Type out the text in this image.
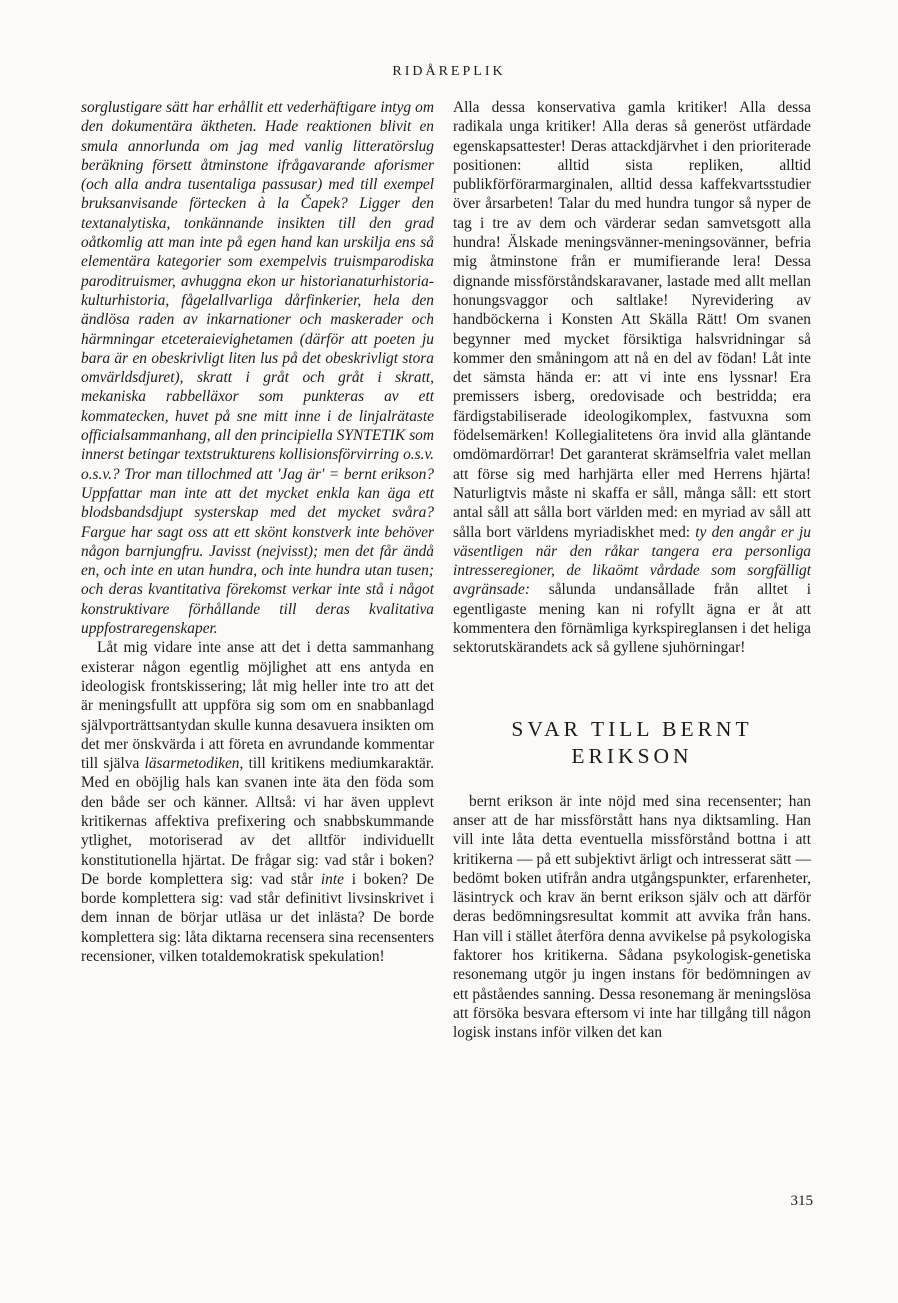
RIDÅREPLIK

sorglustigare sätt har erhållit ett vederhäftigare intyg om den dokumentära äktheten. Hade reaktionen blivit en smula annorlunda om jag med vanlig litteratörslug beräkning försett åtminstone ifrågavarande aforismer (och alla andra tusentaliga passusar) med till exempel bruksanvisande förtecken à la Čapek? Ligger den textanalytiska, tonkännande insikten till den grad oåtkomlig att man inte på egen hand kan urskilja ens så elementära kategorier som exempelvis truismparodiska paroditruismer, avhuggna ekon ur historianaturhistoria-kulturhistoria, fågelallvarliga dårfinkerier, hela den ändlösa raden av inkarnationer och maskerader och härmningar etceteraievighetamen (därför att poeten ju bara är en obeskrivligt liten lus på det obeskrivligt stora omvärldsdjuret), skratt i gråt och gråt i skratt, mekaniska rabbelläxor som punkteras av ett kommatecken, huvet på sne mitt inne i de linjalrätaste officialsammanhang, all den principiella SYNTETIK som innerst betingar textstrukturens kollisionsförvirring o.s.v. o.s.v.? Tror man tillochmed att 'Jag är' = bernt erikson? Uppfattar man inte att det mycket enkla kan äga ett blodsbandsdjupt systerskap med det mycket svåra? Fargue har sagt oss att ett skönt konstverk inte behöver någon barnjungfru. Javisst (nejvisst); men det får ändå en, och inte en utan hundra, och inte hundra utan tusen; och deras kvantitativa förekomst verkar inte stå i något konstruktivare förhållande till deras kvalitativa uppfostraregenskaper.

Låt mig vidare inte anse att det i detta sammanhang existerar någon egentlig möjlighet att ens antyda en ideologisk frontskissering; låt mig heller inte tro att det är meningsfullt att uppföra sig som om en snabbanlagd självporträttsantydan skulle kunna desavuera insikten om det mer önskvärda i att företa en avrundande kommentar till själva läsarmetodiken, till kritikens mediumkaraktär. Med en oböjlig hals kan svanen inte äta den föda som den både ser och känner. Alltså: vi har även upplevt kritikernas affektiva prefixering och snabbskummande ytlighet, motoriserad av det alltför individuellt konstitutionella hjärtat. De frågar sig: vad står i boken? De borde komplettera sig: vad står inte i boken? De borde komplettera sig: vad står definitivt livsinskrivet i dem innan de börjar utläsa ur det inlästa? De borde komplettera sig: låta diktarna recensera sina recensenters recensioner, vilken totaldemokratisk spekulation!

Alla dessa konservativa gamla kritiker! Alla dessa radikala unga kritiker! Alla deras så generöst utfärdade egenskapsattester! Deras attackdjärvhet i den prioriterade positionen: alltid sista repliken, alltid publikförförarmarginalen, alltid dessa kaffekvartsstudier över årsarbeten! Talar du med hundra tungor så nyper de tag i tre av dem och värderar sedan samvetsgott alla hundra! Älskade meningsvänner-meningsovänner, befria mig åtminstone från er mumifierande lera! Dessa dignande missförståndskaravaner, lastade med allt mellan honungsvaggor och saltlake! Nyrevidering av handböckerna i Konsten Att Skälla Rätt! Om svanen begynner med mycket försiktiga halsvridningar så kommer den småningom att nå en del av födan! Låt inte det sämsta hända er: att vi inte ens lyssnar! Era premissers isberg, oredovisade och bestridda; era färdigstabiliserade ideologikomplex, fastvuxna som födelsemärken! Kollegialitetens öra invid alla gläntande omdömardörrar! Det garanterat skrämselfria valet mellan att förse sig med harhjärta eller med Herrens hjärta! Naturligtvis måste ni skaffa er såll, många såll: ett stort antal såll att sålla bort världen med: en myriad av såll att sålla bort världens myriadiskhet med: ty den angår er ju väsentligen när den råkar tangera era personliga intresseregioner, de likaömt vårdade som sorgfälligt avgränsade: sålunda undansållade från alltet i egentligaste mening kan ni rofyllt ägna er åt att kommentera den förnämliga kyrkspireglansen i det heliga sektorutskärandets ack så gyllene sjuhörningar!

SVAR TILL BERNT ERIKSON

bernt erikson är inte nöjd med sina recensenter; han anser att de har missförstått hans nya diktsamling. Han vill inte låta detta eventuella missförstånd bottna i att kritikerna — på ett subjektivt ärligt och intresserat sätt — bedömt boken utifrån andra utgångspunkter, erfarenheter, läsintryck och krav än bernt erikson själv och att därför deras bedömningsresultat kommit att avvika från hans. Han vill i stället återföra denna avvikelse på psykologiska faktorer hos kritikerna. Sådana psykologisk-genetiska resonemang utgör ju ingen instans för bedömningen av ett påståendes sanning. Dessa resonemang är meningslösa att försöka besvara eftersom vi inte har tillgång till någon logisk instans inför vilken det kan

315
